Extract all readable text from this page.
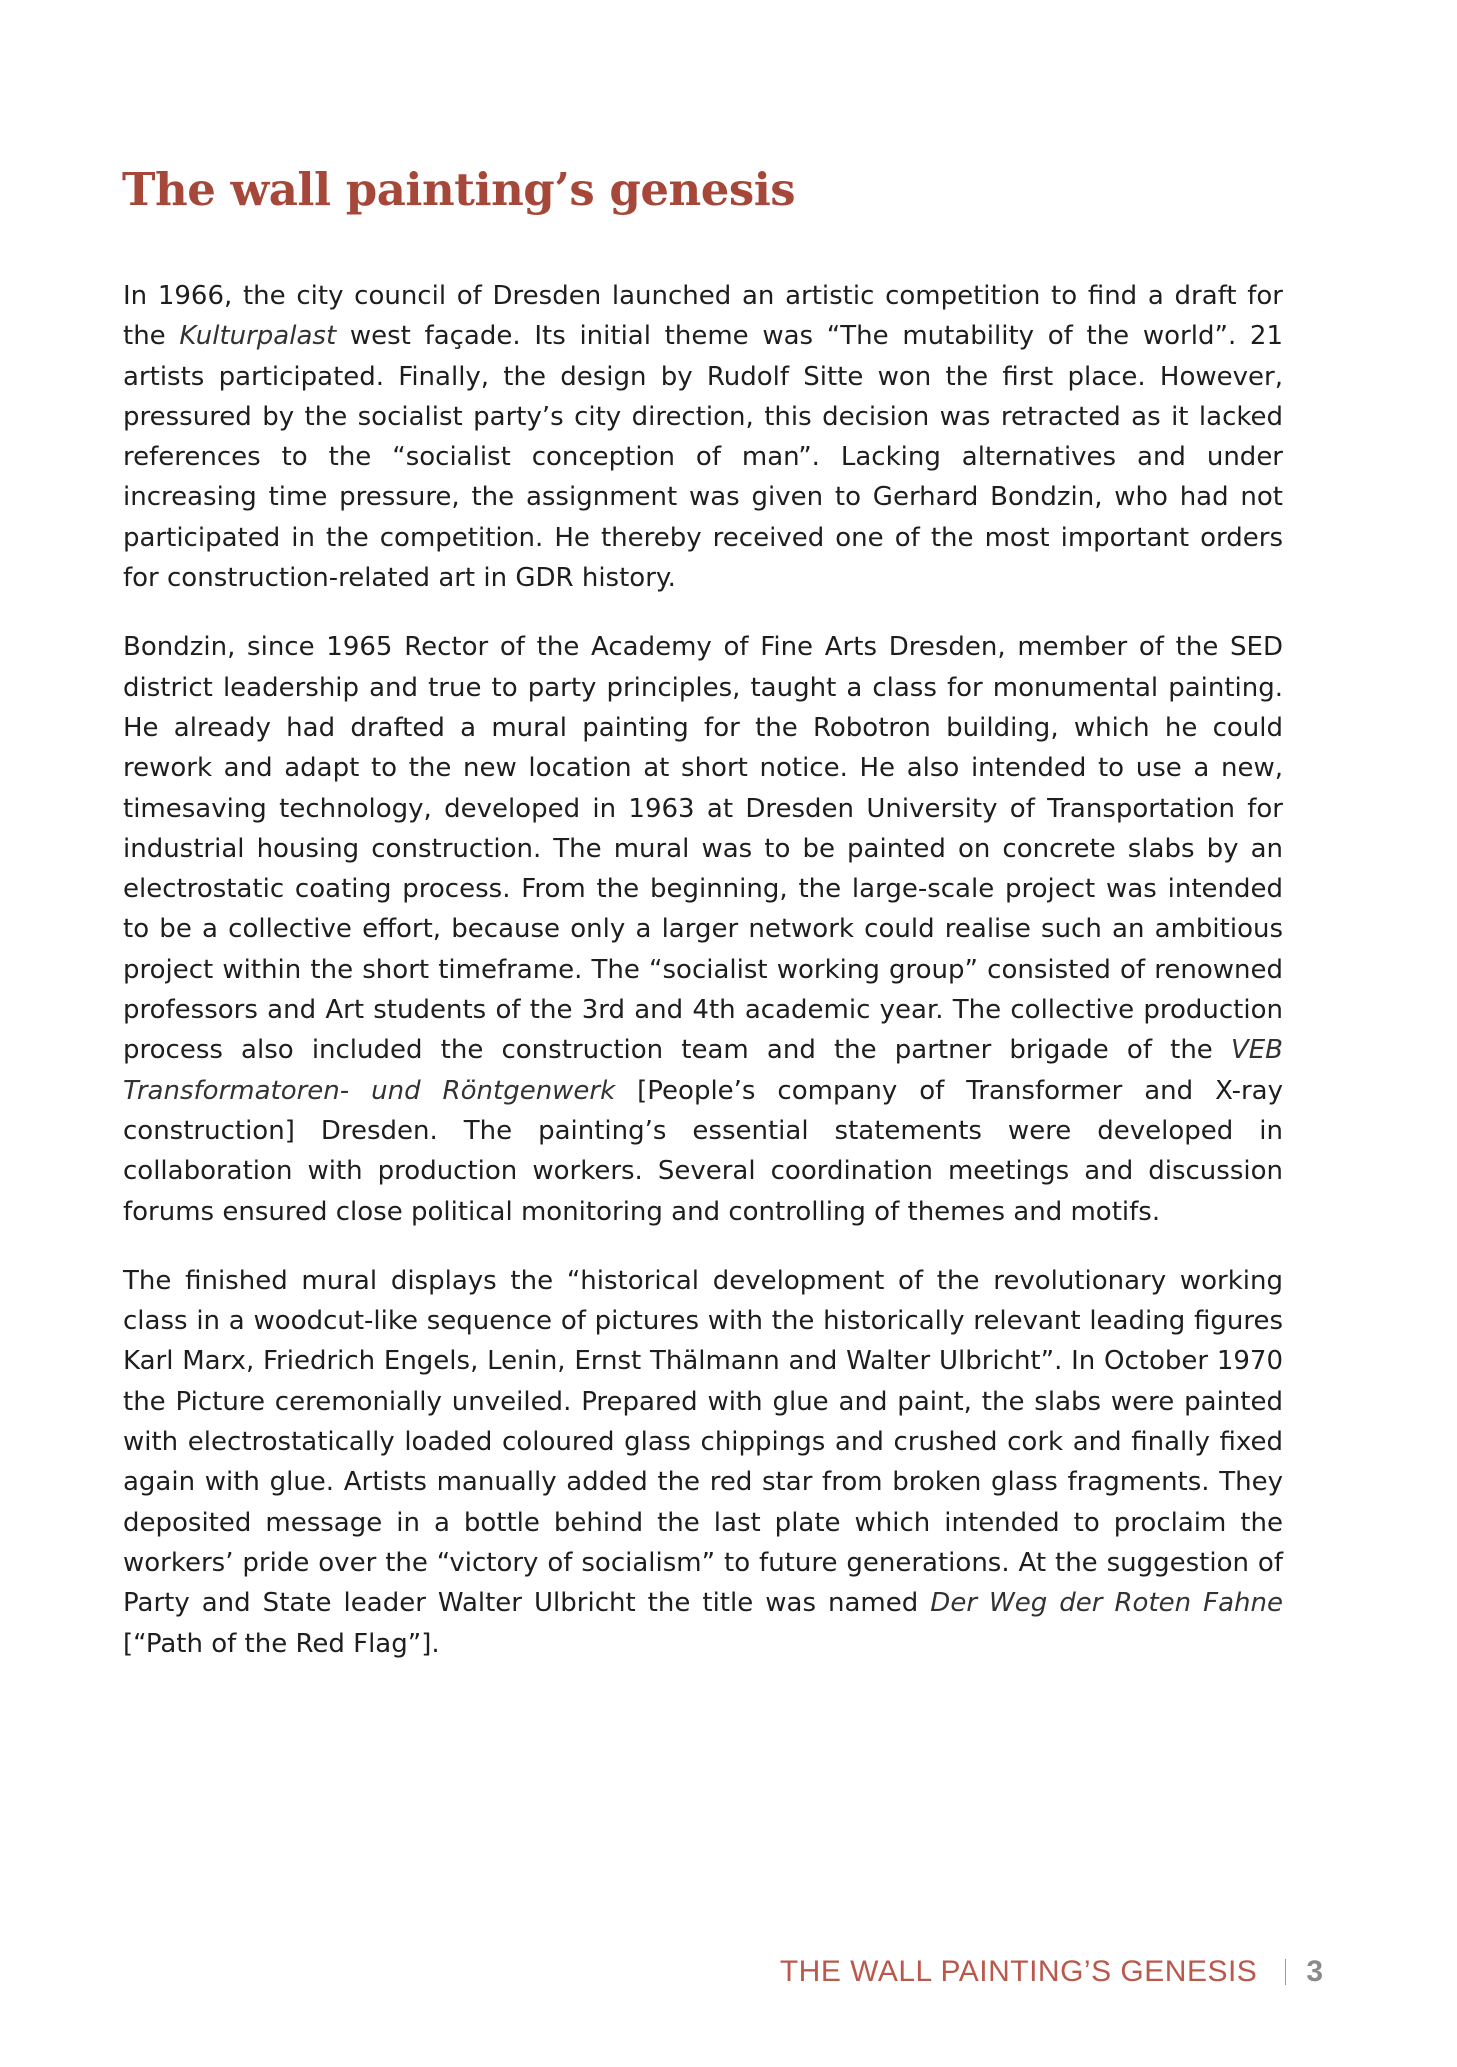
The wall painting’s genesis

In 1966, the city council of Dresden launched an artistic competition to find a draft for the Kulturpalast west façade. Its initial theme was “The mutability of the world”. 21 artists participated. Finally, the design by Rudolf Sitte won the first place. However, pressured by the socialist party’s city direction, this decision was retracted as it lacked references to the “socialist conception of man”. Lacking alternatives and under increasing time pressure, the assignment was given to Gerhard Bondzin, who had not participated in the competition. He thereby received one of the most important orders for construction-related art in GDR history.

Bondzin, since 1965 Rector of the Academy of Fine Arts Dresden, member of the SED district leadership and true to party principles, taught a class for monumental painting. He already had drafted a mural painting for the Robotron building, which he could rework and adapt to the new location at short notice. He also intended to use a new, timesaving technology, developed in 1963 at Dresden University of Transportation for industrial housing construction. The mural was to be painted on concrete slabs by an electrostatic coating process. From the beginning, the large-scale project was intended to be a collective effort, because only a larger network could realise such an ambitious project within the short timeframe. The “socialist working group” consisted of renowned professors and Art students of the 3rd and 4th academic year. The collective production process also included the construction team and the partner brigade of the VEB Transformatoren- und Röntgenwerk [People’s company of Transformer and X-ray construction] Dresden. The painting’s essential statements were developed in collaboration with production workers. Several coordination meetings and discussion forums ensured close political monitoring and controlling of themes and motifs.

The finished mural displays the “historical development of the revolutionary working class in a woodcut-like sequence of pictures with the historically relevant leading figures Karl Marx, Friedrich Engels, Lenin, Ernst Thälmann and Walter Ulbricht”. In October 1970 the Picture ceremonially unveiled. Prepared with glue and paint, the slabs were painted with electrostatically loaded coloured glass chippings and crushed cork and finally fixed again with glue. Artists manually added the red star from broken glass fragments. They deposited message in a bottle behind the last plate which intended to proclaim the workers’ pride over the “victory of socialism” to future generations. At the suggestion of Party and State leader Walter Ulbricht the title was named Der Weg der Roten Fahne [“Path of the Red Flag”].

THE WALL PAINTING’S GENESIS 3
